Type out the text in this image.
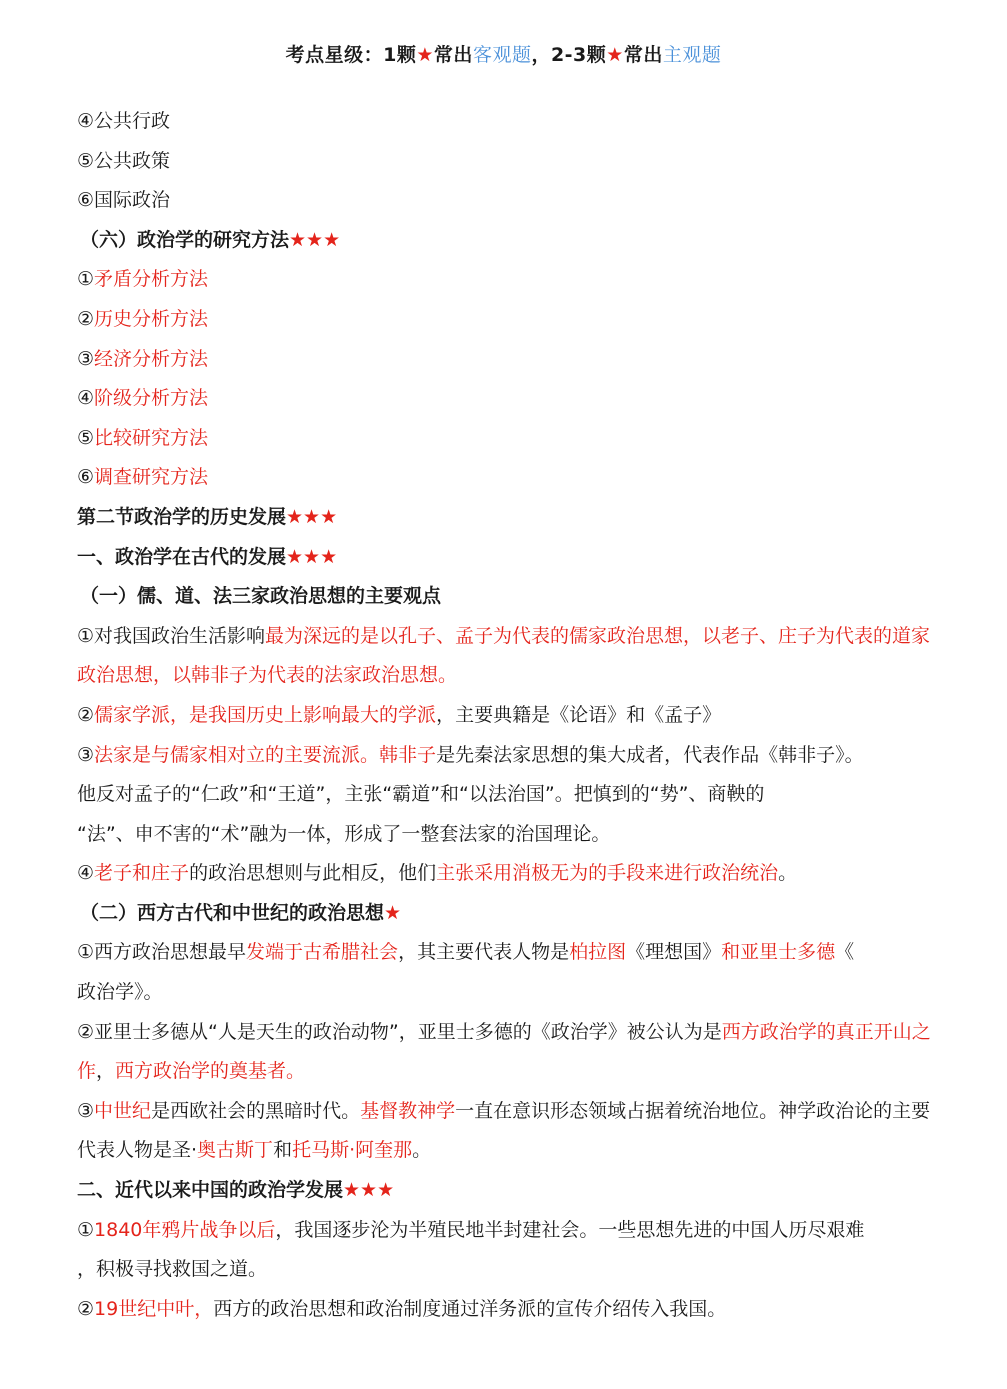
考点星级：1颗★常出客观题，2-3颗★常出主观题
④公共行政
⑤公共政策
⑥国际政治
（六）政治学的研究方法★★★
①矛盾分析方法
②历史分析方法
③经济分析方法
④阶级分析方法
⑤比较研究方法
⑥调查研究方法
第二节政治学的历史发展★★★
一、政治学在古代的发展★★★
（一）儒、道、法三家政治思想的主要观点
①对我国政治生活影响最为深远的是以孔子、孟子为代表的儒家政治思想，以老子、庄子为代表的道家政治思想，以韩非子为代表的法家政治思想。
②儒家学派，是我国历史上影响最大的学派，主要典籍是《论语》和《孟子》
③法家是与儒家相对立的主要流派。韩非子是先秦法家思想的集大成者，代表作品《韩非子》。
他反对孟子的“仁政”和“王道”，主张“霸道”和“以法治国”。把慎到的“势”、商鞅的
“法”、申不害的“术”融为一体，形成了一整套法家的治国理论。
④老子和庄子的政治思想则与此相反，他们主张采用消极无为的手段来进行政治统治。
（二）西方古代和中世纪的政治思想★
①西方政治思想最早发端于古希腊社会，其主要代表人物是柏拉图《理想国》和亚里士多德《
政治学》。
②亚里士多德从“人是天生的政治动物”，亚里士多德的《政治学》被公认为是西方政治学的真正开山之作，西方政治学的奠基者。
③中世纪是西欧社会的黑暗时代。基督教神学一直在意识形态领域占据着统治地位。神学政治论的主要代表人物是圣·奥古斯丁和托马斯·阿奎那。
二、近代以来中国的政治学发展★★★
①1840年鸦片战争以后，我国逐步沦为半殖民地半封建社会。一些思想先进的中国人历尽艰难
，积极寻找救国之道。
②19世纪中叶，西方的政治思想和政治制度通过洋务派的宣传介绍传入我国。
